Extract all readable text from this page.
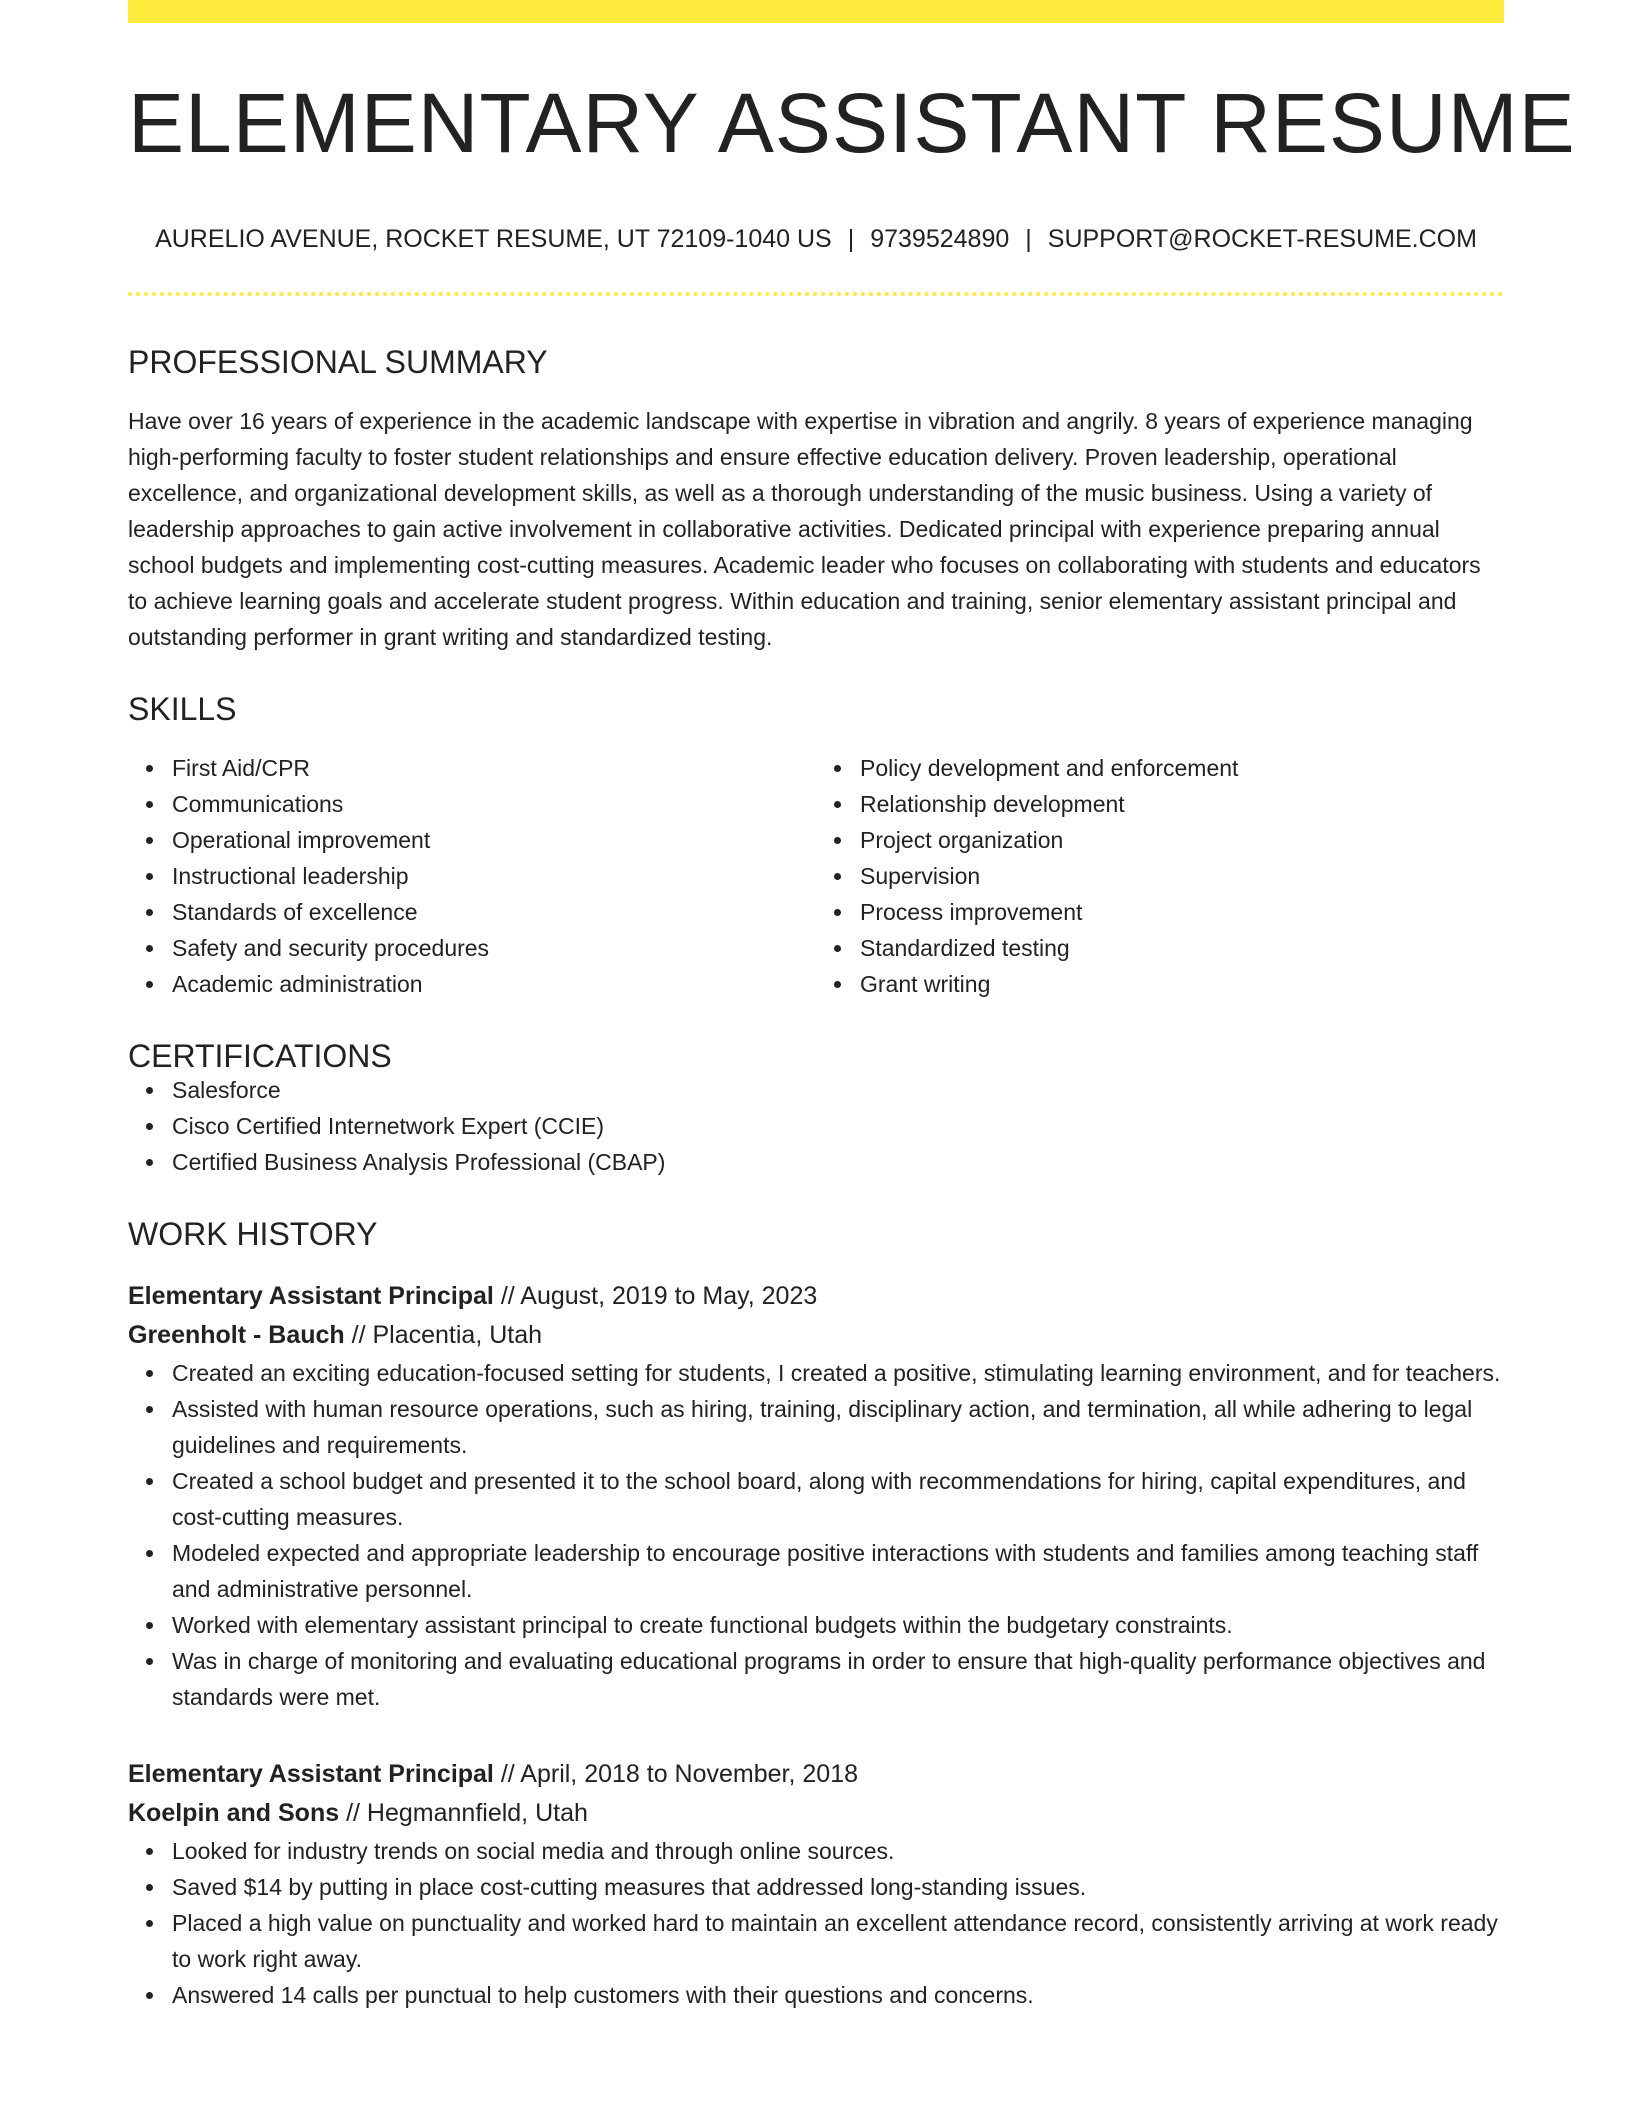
ELEMENTARY ASSISTANT RESUME
AURELIO AVENUE, ROCKET RESUME, UT 72109-1040 US | 9739524890 | SUPPORT@ROCKET-RESUME.COM
PROFESSIONAL SUMMARY

Have over 16 years of experience in the academic landscape with expertise in vibration and angrily. 8 years of experience managing high-performing faculty to foster student relationships and ensure effective education delivery. Proven leadership, operational excellence, and organizational development skills, as well as a thorough understanding of the music business. Using a variety of leadership approaches to gain active involvement in collaborative activities. Dedicated principal with experience preparing annual school budgets and implementing cost-cutting measures. Academic leader who focuses on collaborating with students and educators to achieve learning goals and accelerate student progress. Within education and training, senior elementary assistant principal and outstanding performer in grant writing and standardized testing.

SKILLS
First Aid/CPR
Communications
Operational improvement
Instructional leadership
Standards of excellence
Safety and security procedures
Academic administration
Policy development and enforcement
Relationship development
Project organization
Supervision
Process improvement
Standardized testing
Grant writing
CERTIFICATIONS
Salesforce
Cisco Certified Internetwork Expert (CCIE)
Certified Business Analysis Professional (CBAP)
WORK HISTORY
Elementary Assistant Principal // August, 2019 to May, 2023
Greenholt - Bauch // Placentia, Utah
Created an exciting education-focused setting for students, I created a positive, stimulating learning environment, and for teachers.
Assisted with human resource operations, such as hiring, training, disciplinary action, and termination, all while adhering to legal guidelines and requirements.
Created a school budget and presented it to the school board, along with recommendations for hiring, capital expenditures, and cost-cutting measures.
Modeled expected and appropriate leadership to encourage positive interactions with students and families among teaching staff and administrative personnel.
Worked with elementary assistant principal to create functional budgets within the budgetary constraints.
Was in charge of monitoring and evaluating educational programs in order to ensure that high-quality performance objectives and standards were met.
Elementary Assistant Principal // April, 2018 to November, 2018
Koelpin and Sons // Hegmannfield, Utah
Looked for industry trends on social media and through online sources.
Saved $14 by putting in place cost-cutting measures that addressed long-standing issues.
Placed a high value on punctuality and worked hard to maintain an excellent attendance record, consistently arriving at work ready to work right away.
Answered 14 calls per punctual to help customers with their questions and concerns.
